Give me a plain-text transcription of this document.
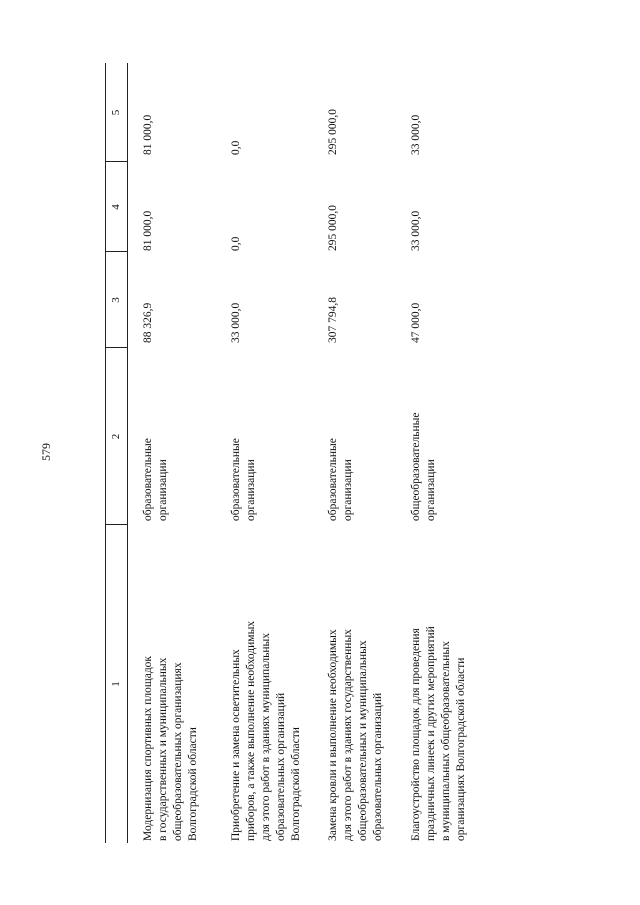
579
1
2
3
4
5
Модернизация спортивных площадок
в государственных и муниципальных
общеобразовательных организациях
Волгоградской области
образовательные
организации
88 326,9
81 000,0
81 000,0
Приобретение и замена осветительных
приборов, а также выполнение необходимых
для этого работ в зданиях муниципальных
образовательных организаций
Волгоградской области
образовательные
организации
33 000,0
0,0
0,0
Замена кровли и выполнение необходимых
для этого работ в зданиях государственных
общеобразовательных и муниципальных
образовательных организаций
образовательные
организации
307 794,8
295 000,0
295 000,0
Благоустройство площадок для проведения
праздничных линеек и других мероприятий
в муниципальных общеобразовательных
организациях Волгоградской области
общеобразовательные
организации
47 000,0
33 000,0
33 000,0
